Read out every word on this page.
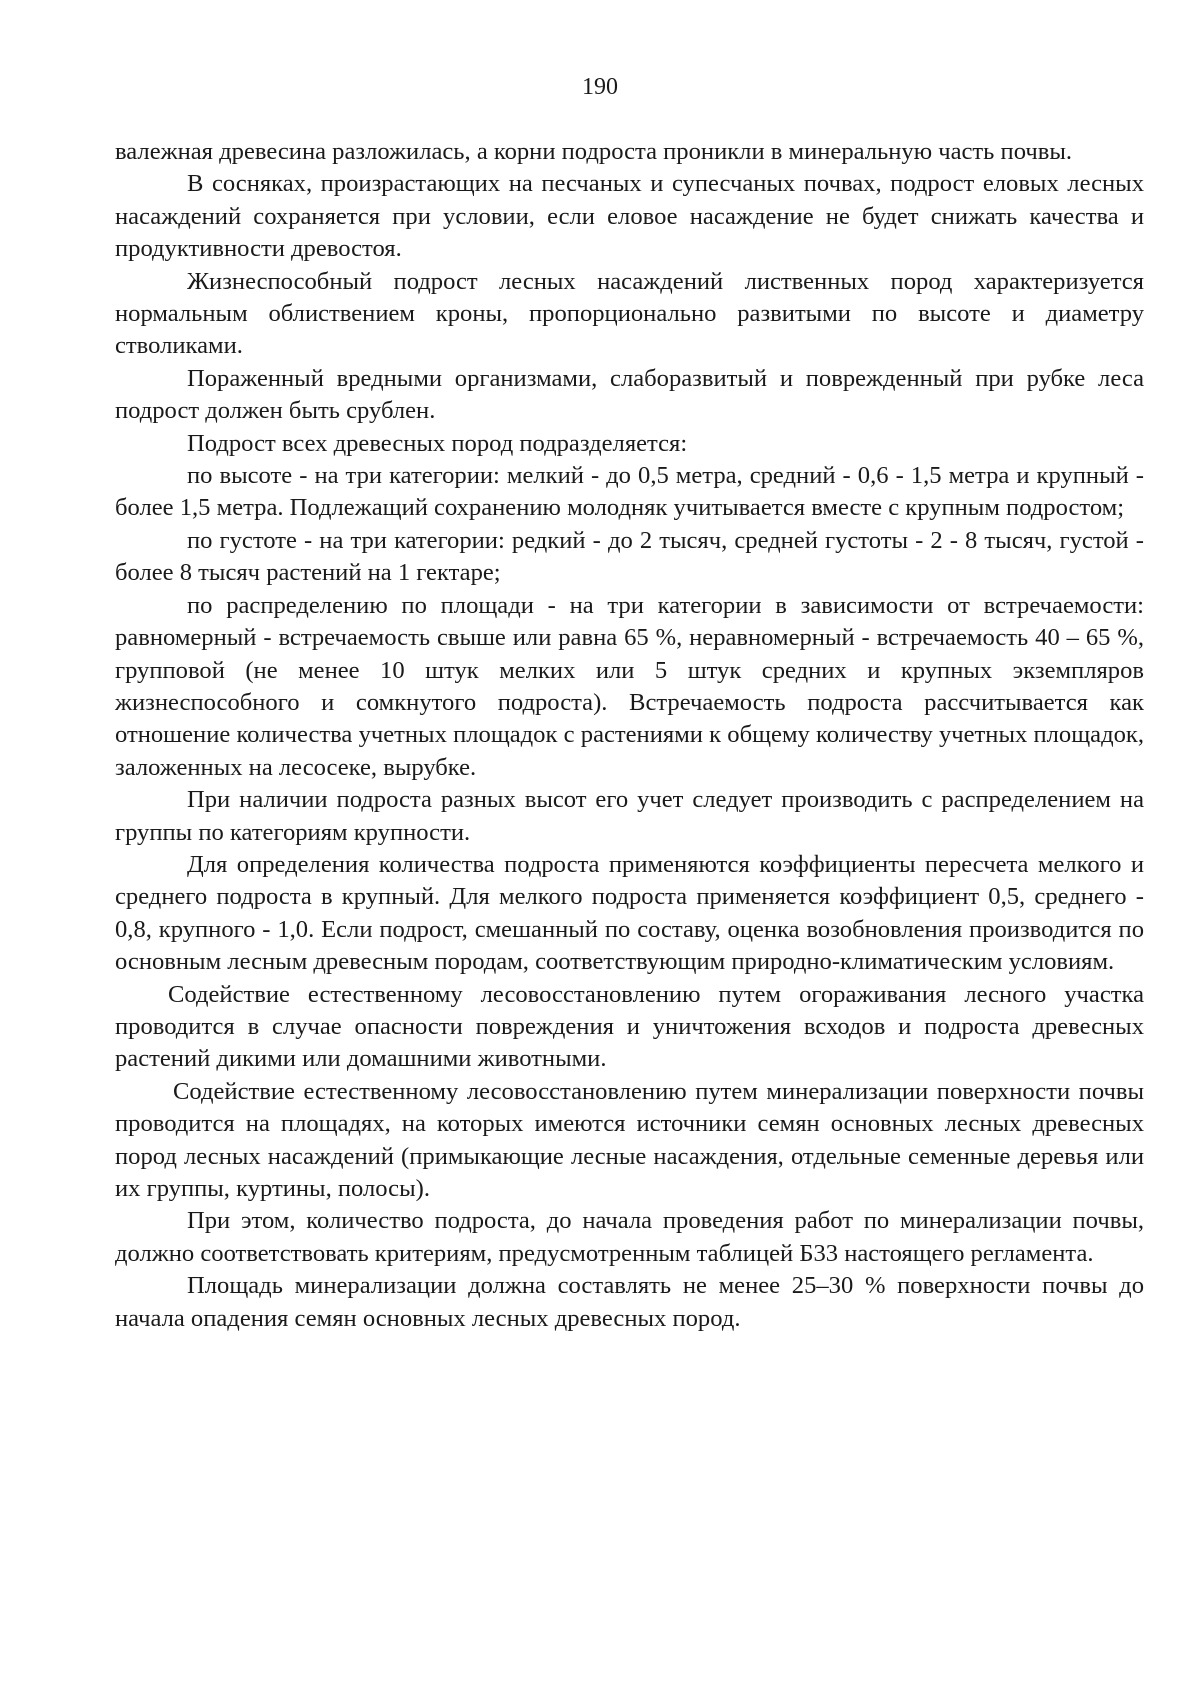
190

валежная древесина разложилась, а корни подроста проникли в минеральную часть почвы.

В сосняках, произрастающих на песчаных и супесчаных почвах, подрост еловых лесных насаждений сохраняется при условии, если еловое насаждение не будет снижать качества и продуктивности древостоя.

Жизнеспособный подрост лесных насаждений лиственных пород характеризуется нормальным облиствением кроны, пропорционально развитыми по высоте и диаметру стволиками.

Пораженный вредными организмами, слаборазвитый и поврежденный при рубке леса подрост должен быть срублен.

Подрост всех древесных пород подразделяется:

по высоте - на три категории: мелкий - до 0,5 метра, средний - 0,6 - 1,5 метра и крупный - более 1,5 метра. Подлежащий сохранению молодняк учитывается вместе с крупным подростом;

по густоте - на три категории: редкий - до 2 тысяч, средней густоты - 2 - 8 тысяч, густой - более 8 тысяч растений на 1 гектаре;

по распределению по площади - на три категории в зависимости от встречаемости: равномерный - встречаемость свыше или равна 65 %, неравномерный - встречаемость 40 – 65 %, групповой (не менее 10 штук мелких или 5 штук средних и крупных экземпляров жизнеспособного и сомкнутого подроста). Встречаемость подроста рассчитывается как отношение количества учетных площадок с растениями к общему количеству учетных площадок, заложенных на лесосеке, вырубке.

При наличии подроста разных высот его учет следует производить с распределением на группы по категориям крупности.

Для определения количества подроста применяются коэффициенты пересчета мелкого и среднего подроста в крупный. Для мелкого подроста применяется коэффициент 0,5, среднего - 0,8, крупного - 1,0. Если подрост, смешанный по составу, оценка возобновления производится по основным лесным древесным породам, соответствующим природно-климатическим условиям.

Содействие естественному лесовосстановлению путем огораживания лесного участка проводится в случае опасности повреждения и уничтожения всходов и подроста древесных растений дикими или домашними животными.

Содействие естественному лесовосстановлению путем минерализации поверхности почвы проводится на площадях, на которых имеются источники семян основных лесных древесных пород лесных насаждений (примыкающие лесные насаждения, отдельные семенные деревья или их группы, куртины, полосы).

При этом, количество подроста, до начала проведения работ по минерализации почвы, должно соответствовать критериям, предусмотренным таблицей Б33 настоящего регламента.

Площадь минерализации должна составлять не менее 25–30 % поверхности почвы до начала опадения семян основных лесных древесных пород.
